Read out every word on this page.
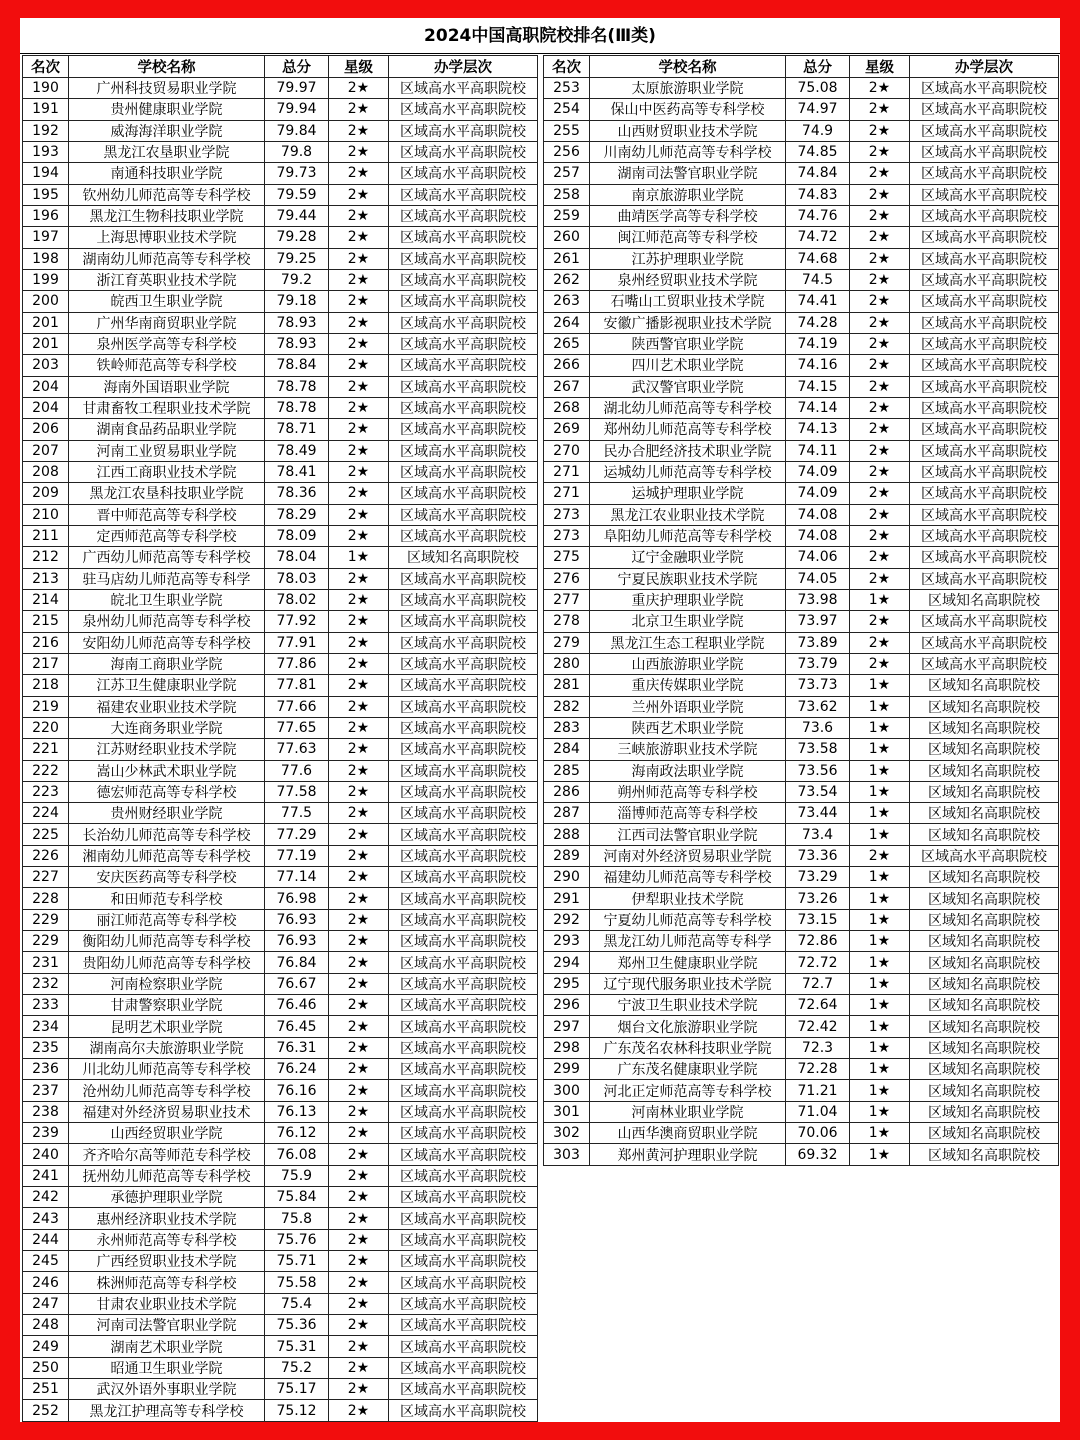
2024中国高职院校排名(Ⅲ类)
名次	学校名称	总分	星级	办学层次
190	广州科技贸易职业学院	79.97	2★	区域高水平高职院校
191	贵州健康职业学院	79.94	2★	区域高水平高职院校
192	威海海洋职业学院	79.84	2★	区域高水平高职院校
193	黑龙江农垦职业学院	79.8	2★	区域高水平高职院校
194	南通科技职业学院	79.73	2★	区域高水平高职院校
195	钦州幼儿师范高等专科学校	79.59	2★	区域高水平高职院校
196	黑龙江生物科技职业学院	79.44	2★	区域高水平高职院校
197	上海思博职业技术学院	79.28	2★	区域高水平高职院校
198	湖南幼儿师范高等专科学校	79.25	2★	区域高水平高职院校
199	浙江育英职业技术学院	79.2	2★	区域高水平高职院校
200	皖西卫生职业学院	79.18	2★	区域高水平高职院校
201	广州华南商贸职业学院	78.93	2★	区域高水平高职院校
201	泉州医学高等专科学校	78.93	2★	区域高水平高职院校
203	铁岭师范高等专科学校	78.84	2★	区域高水平高职院校
204	海南外国语职业学院	78.78	2★	区域高水平高职院校
204	甘肃畜牧工程职业技术学院	78.78	2★	区域高水平高职院校
206	湖南食品药品职业学院	78.71	2★	区域高水平高职院校
207	河南工业贸易职业学院	78.49	2★	区域高水平高职院校
208	江西工商职业技术学院	78.41	2★	区域高水平高职院校
209	黑龙江农垦科技职业学院	78.36	2★	区域高水平高职院校
210	晋中师范高等专科学校	78.29	2★	区域高水平高职院校
211	定西师范高等专科学校	78.09	2★	区域高水平高职院校
212	广西幼儿师范高等专科学校	78.04	1★	区域知名高职院校
213	驻马店幼儿师范高等专科学	78.03	2★	区域高水平高职院校
214	皖北卫生职业学院	78.02	2★	区域高水平高职院校
215	泉州幼儿师范高等专科学校	77.92	2★	区域高水平高职院校
216	安阳幼儿师范高等专科学校	77.91	2★	区域高水平高职院校
217	海南工商职业学院	77.86	2★	区域高水平高职院校
218	江苏卫生健康职业学院	77.81	2★	区域高水平高职院校
219	福建农业职业技术学院	77.66	2★	区域高水平高职院校
220	大连商务职业学院	77.65	2★	区域高水平高职院校
221	江苏财经职业技术学院	77.63	2★	区域高水平高职院校
222	嵩山少林武术职业学院	77.6	2★	区域高水平高职院校
223	德宏师范高等专科学校	77.58	2★	区域高水平高职院校
224	贵州财经职业学院	77.5	2★	区域高水平高职院校
225	长治幼儿师范高等专科学校	77.29	2★	区域高水平高职院校
226	湘南幼儿师范高等专科学校	77.19	2★	区域高水平高职院校
227	安庆医药高等专科学校	77.14	2★	区域高水平高职院校
228	和田师范专科学校	76.98	2★	区域高水平高职院校
229	丽江师范高等专科学校	76.93	2★	区域高水平高职院校
229	衡阳幼儿师范高等专科学校	76.93	2★	区域高水平高职院校
231	贵阳幼儿师范高等专科学校	76.84	2★	区域高水平高职院校
232	河南检察职业学院	76.67	2★	区域高水平高职院校
233	甘肃警察职业学院	76.46	2★	区域高水平高职院校
234	昆明艺术职业学院	76.45	2★	区域高水平高职院校
235	湖南高尔夫旅游职业学院	76.31	2★	区域高水平高职院校
236	川北幼儿师范高等专科学校	76.24	2★	区域高水平高职院校
237	沧州幼儿师范高等专科学校	76.16	2★	区域高水平高职院校
238	福建对外经济贸易职业技术	76.13	2★	区域高水平高职院校
239	山西经贸职业学院	76.12	2★	区域高水平高职院校
240	齐齐哈尔高等师范专科学校	76.08	2★	区域高水平高职院校
241	抚州幼儿师范高等专科学校	75.9	2★	区域高水平高职院校
242	承德护理职业学院	75.84	2★	区域高水平高职院校
243	惠州经济职业技术学院	75.8	2★	区域高水平高职院校
244	永州师范高等专科学校	75.76	2★	区域高水平高职院校
245	广西经贸职业技术学院	75.71	2★	区域高水平高职院校
246	株洲师范高等专科学校	75.58	2★	区域高水平高职院校
247	甘肃农业职业技术学院	75.4	2★	区域高水平高职院校
248	河南司法警官职业学院	75.36	2★	区域高水平高职院校
249	湖南艺术职业学院	75.31	2★	区域高水平高职院校
250	昭通卫生职业学院	75.2	2★	区域高水平高职院校
251	武汉外语外事职业学院	75.17	2★	区域高水平高职院校
252	黑龙江护理高等专科学校	75.12	2★	区域高水平高职院校
名次	学校名称	总分	星级	办学层次
253	太原旅游职业学院	75.08	2★	区域高水平高职院校
254	保山中医药高等专科学校	74.97	2★	区域高水平高职院校
255	山西财贸职业技术学院	74.9	2★	区域高水平高职院校
256	川南幼儿师范高等专科学校	74.85	2★	区域高水平高职院校
257	湖南司法警官职业学院	74.84	2★	区域高水平高职院校
258	南京旅游职业学院	74.83	2★	区域高水平高职院校
259	曲靖医学高等专科学校	74.76	2★	区域高水平高职院校
260	闽江师范高等专科学校	74.72	2★	区域高水平高职院校
261	江苏护理职业学院	74.68	2★	区域高水平高职院校
262	泉州经贸职业技术学院	74.5	2★	区域高水平高职院校
263	石嘴山工贸职业技术学院	74.41	2★	区域高水平高职院校
264	安徽广播影视职业技术学院	74.28	2★	区域高水平高职院校
265	陕西警官职业学院	74.19	2★	区域高水平高职院校
266	四川艺术职业学院	74.16	2★	区域高水平高职院校
267	武汉警官职业学院	74.15	2★	区域高水平高职院校
268	湖北幼儿师范高等专科学校	74.14	2★	区域高水平高职院校
269	郑州幼儿师范高等专科学校	74.13	2★	区域高水平高职院校
270	民办合肥经济技术职业学院	74.11	2★	区域高水平高职院校
271	运城幼儿师范高等专科学校	74.09	2★	区域高水平高职院校
271	运城护理职业学院	74.09	2★	区域高水平高职院校
273	黑龙江农业职业技术学院	74.08	2★	区域高水平高职院校
273	阜阳幼儿师范高等专科学校	74.08	2★	区域高水平高职院校
275	辽宁金融职业学院	74.06	2★	区域高水平高职院校
276	宁夏民族职业技术学院	74.05	2★	区域高水平高职院校
277	重庆护理职业学院	73.98	1★	区域知名高职院校
278	北京卫生职业学院	73.97	2★	区域高水平高职院校
279	黑龙江生态工程职业学院	73.89	2★	区域高水平高职院校
280	山西旅游职业学院	73.79	2★	区域高水平高职院校
281	重庆传媒职业学院	73.73	1★	区域知名高职院校
282	兰州外语职业学院	73.62	1★	区域知名高职院校
283	陕西艺术职业学院	73.6	1★	区域知名高职院校
284	三峡旅游职业技术学院	73.58	1★	区域知名高职院校
285	海南政法职业学院	73.56	1★	区域知名高职院校
286	朔州师范高等专科学校	73.54	1★	区域知名高职院校
287	淄博师范高等专科学校	73.44	1★	区域知名高职院校
288	江西司法警官职业学院	73.4	1★	区域知名高职院校
289	河南对外经济贸易职业学院	73.36	2★	区域高水平高职院校
290	福建幼儿师范高等专科学校	73.29	1★	区域知名高职院校
291	伊犁职业技术学院	73.26	1★	区域知名高职院校
292	宁夏幼儿师范高等专科学校	73.15	1★	区域知名高职院校
293	黑龙江幼儿师范高等专科学	72.86	1★	区域知名高职院校
294	郑州卫生健康职业学院	72.72	1★	区域知名高职院校
295	辽宁现代服务职业技术学院	72.7	1★	区域知名高职院校
296	宁波卫生职业技术学院	72.64	1★	区域知名高职院校
297	烟台文化旅游职业学院	72.42	1★	区域知名高职院校
298	广东茂名农林科技职业学院	72.3	1★	区域知名高职院校
299	广东茂名健康职业学院	72.28	1★	区域知名高职院校
300	河北正定师范高等专科学校	71.21	1★	区域知名高职院校
301	河南林业职业学院	71.04	1★	区域知名高职院校
302	山西华澳商贸职业学院	70.06	1★	区域知名高职院校
303	郑州黄河护理职业学院	69.32	1★	区域知名高职院校
